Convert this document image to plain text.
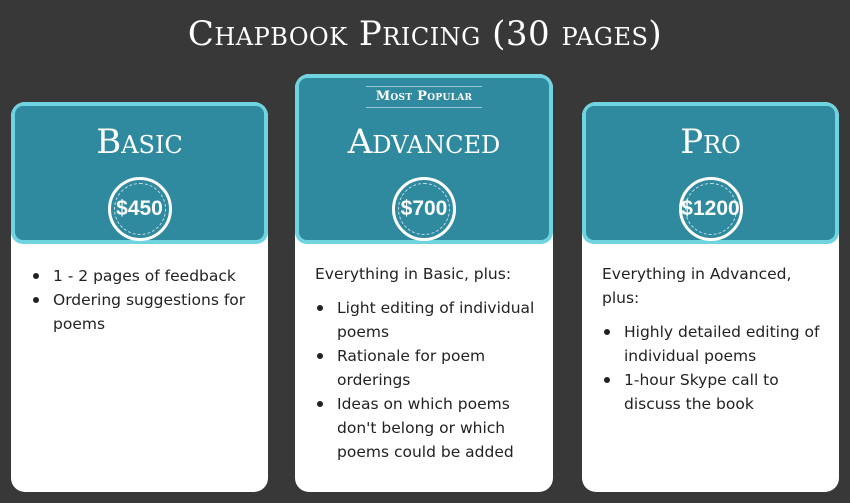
Chapbook Pricing (30 pages)
Basic
$450
1 - 2 pages of feedback
Ordering suggestions for poems
Most Popular
Advanced
$700

Everything in Basic, plus:

Light editing of individual poems
Rationale for poem orderings
Ideas on which poems don't belong or which poems could be added
Pro
$1200

Everything in Advanced, plus:

Highly detailed editing of individual poems
1-hour Skype call to discuss the book
